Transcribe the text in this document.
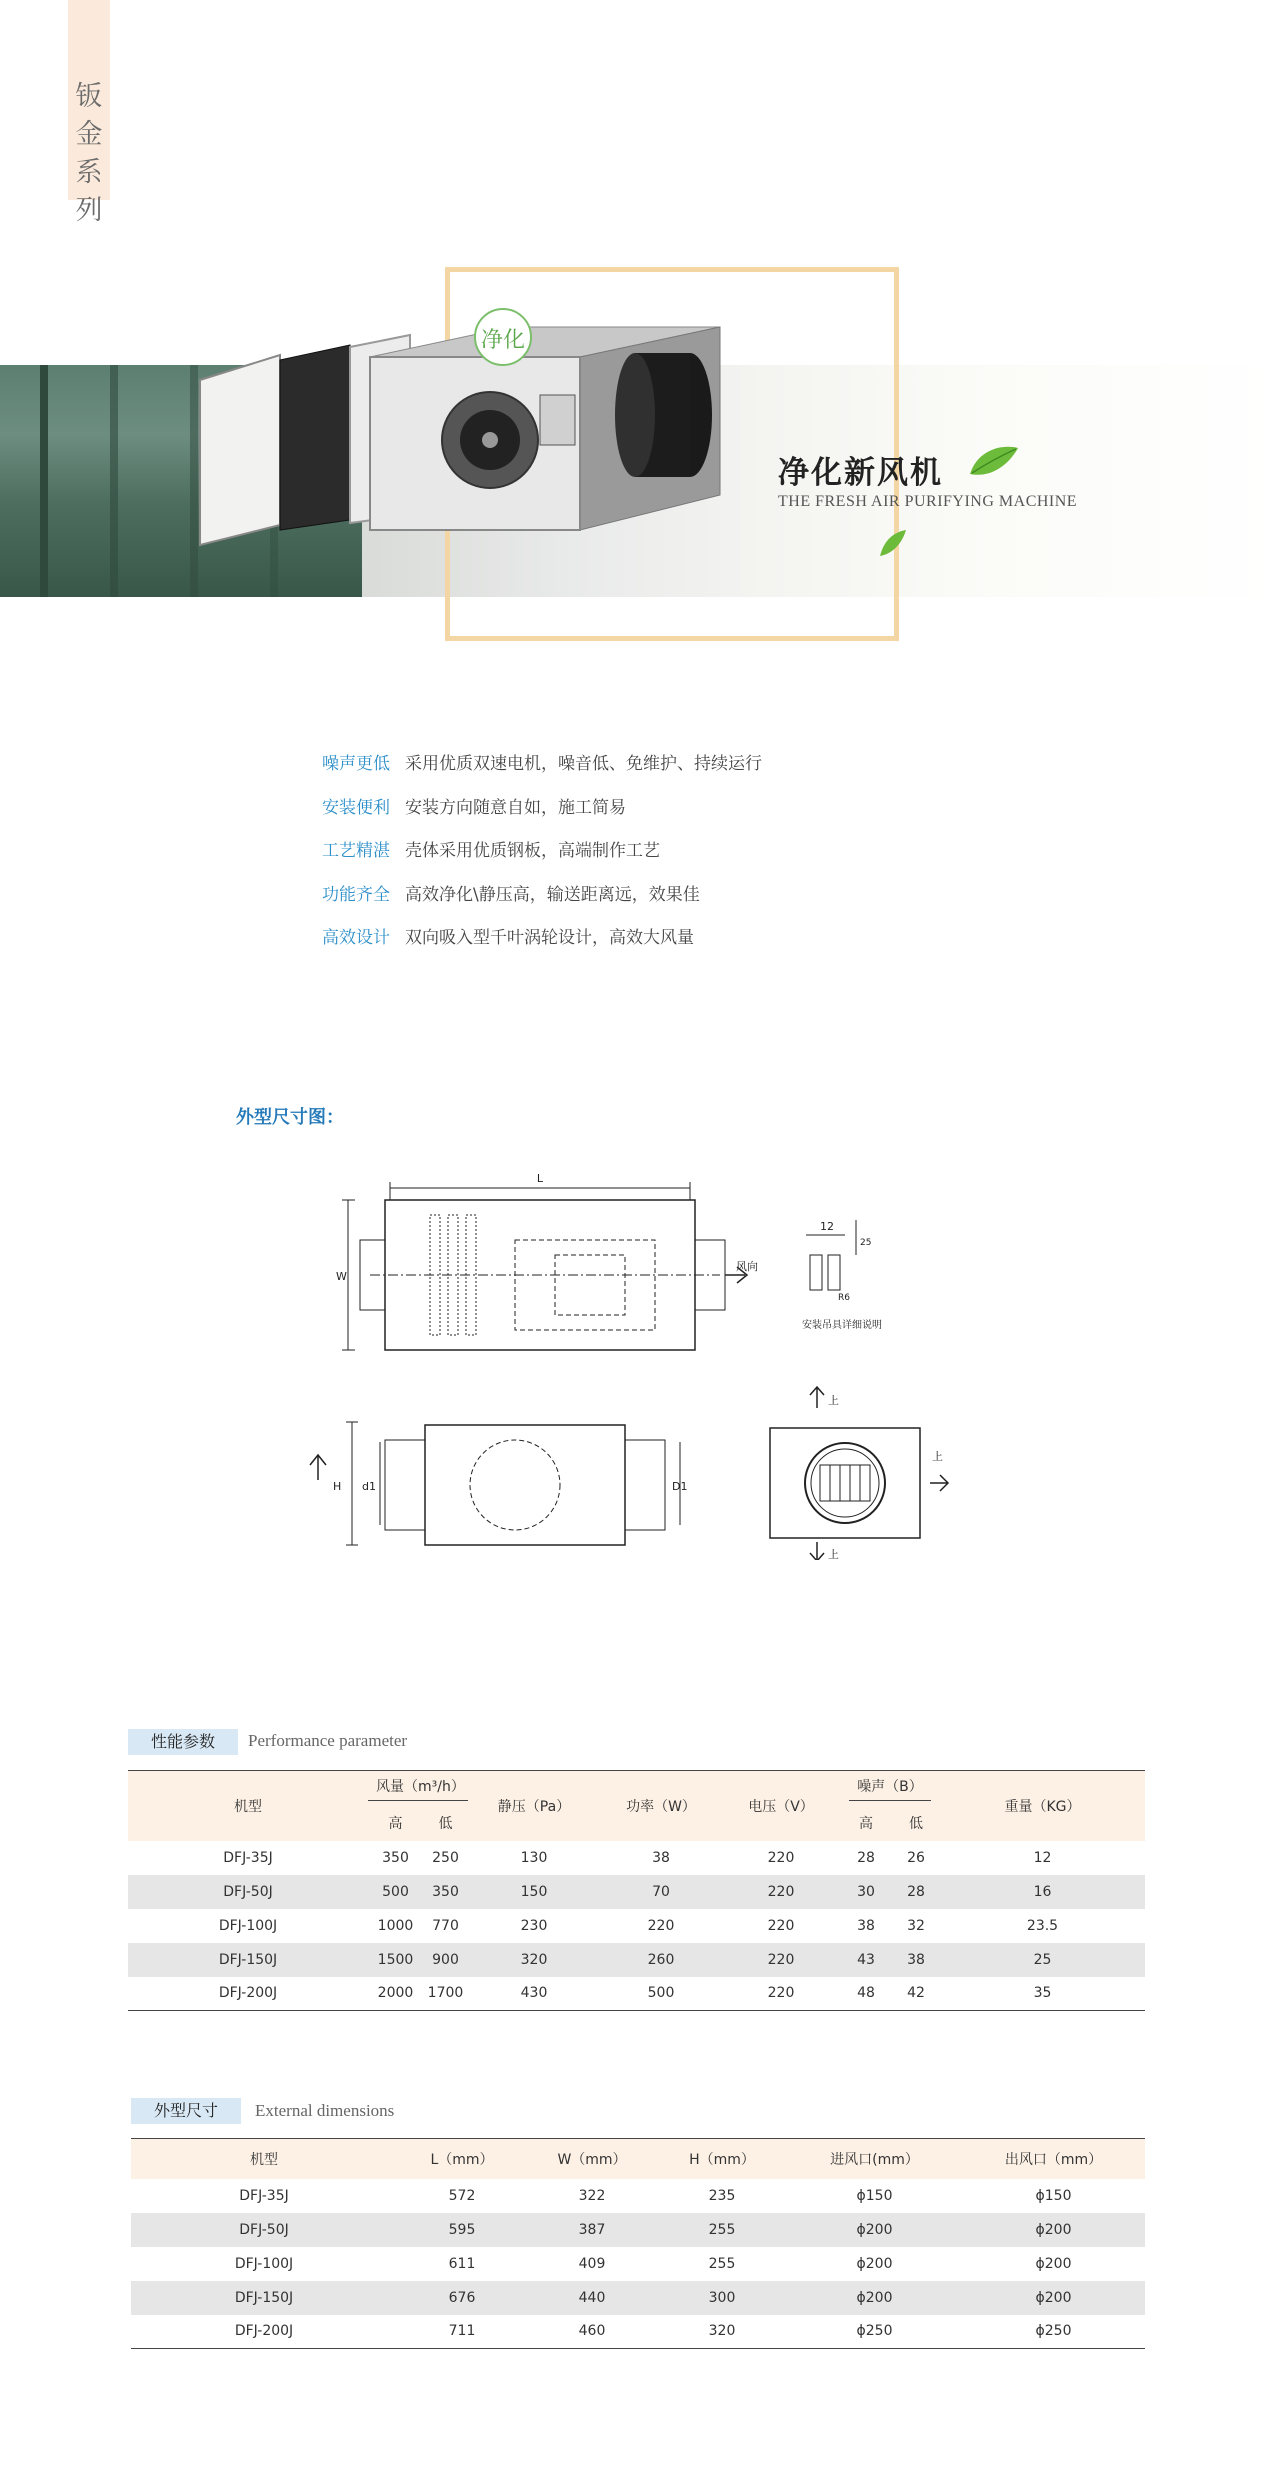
钣金系列
净化
净化新风机
THE FRESH AIR PURIFYING MACHINE
噪声更低 采用优质双速电机，噪音低、免维护、持续运行
安装便利 安装方向随意自如，施工简易
工艺精湛 壳体采用优质钢板，高端制作工艺
功能齐全 高效净化\静压高，输送距离远，效果佳
高效设计 双向吸入型千叶涡轮设计，高效大风量
外型尺寸图：
L
W
风向
12
25
R6
安装吊具详细说明
H d1	D1
上
上
上
性能参数	Performance parameter
机型	风量（m³/h）		静压（Pa）	功率（W）	电压（V）	噪声（B）		重量（KG）
	高	低				高	低	
DFJ-35J	350	250	130	38	220	28	26	12
DFJ-50J	500	350	150	70	220	30	28	16
DFJ-100J	1000	770	230	220	220	38	32	23.5
DFJ-150J	1500	900	320	260	220	43	38	25
DFJ-200J	2000	1700	430	500	220	48	42	35
外型尺寸	External dimensions
机型	L（mm）	W（mm）	H（mm）	进风口(mm）	出风口（mm）
DFJ-35J	572	322	235	ϕ150	ϕ150
DFJ-50J	595	387	255	ϕ200	ϕ200
DFJ-100J	611	409	255	ϕ200	ϕ200
DFJ-150J	676	440	300	ϕ200	ϕ200
DFJ-200J	711	460	320	ϕ250	ϕ250
